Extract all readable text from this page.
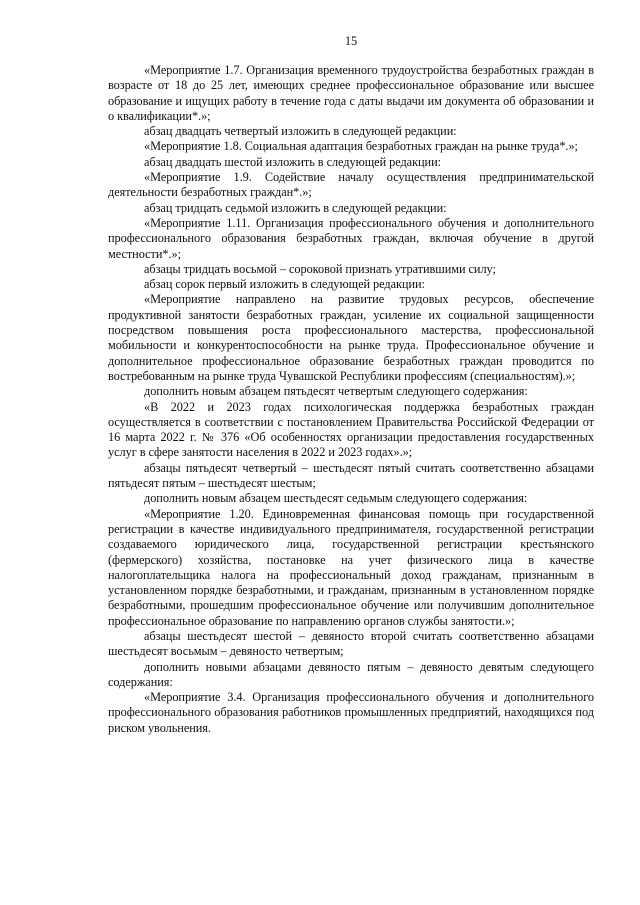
15

«Мероприятие 1.7. Организация временного трудоустройства безработных граждан в возрасте от 18 до 25 лет, имеющих среднее профессиональное образование или высшее образование и ищущих работу в течение года с даты выдачи им документа об образовании и о квалификации*.»;

абзац двадцать четвертый изложить в следующей редакции:

«Мероприятие 1.8. Социальная адаптация безработных граждан на рынке труда*.»;

абзац двадцать шестой изложить в следующей редакции:

«Мероприятие 1.9. Содействие началу осуществления предпринимательской деятельности безработных граждан*.»;

абзац тридцать седьмой изложить в следующей редакции:

«Мероприятие 1.11. Организация профессионального обучения и дополнительного профессионального образования безработных граждан, включая обучение в другой местности*.»;

абзацы тридцать восьмой – сороковой признать утратившими силу;

абзац сорок первый изложить в следующей редакции:

«Мероприятие направлено на развитие трудовых ресурсов, обеспечение продуктивной занятости безработных граждан, усиление их социальной защищенности посредством повышения роста профессионального мастерства, профессиональной мобильности и конкурентоспособности на рынке труда. Профессиональное обучение и дополнительное профессиональное образование безработных граждан проводится по востребованным на рынке труда Чувашской Республики профессиям (специальностям).»;

дополнить новым абзацем пятьдесят четвертым следующего содержания:

«В 2022 и 2023 годах психологическая поддержка безработных граждан осуществляется в соответствии с постановлением Правительства Российской Федерации от 16 марта 2022 г. № 376 «Об особенностях организации предоставления государственных услуг в сфере занятости населения в 2022 и 2023 годах».»;

абзацы пятьдесят четвертый – шестьдесят пятый считать соответственно абзацами пятьдесят пятым – шестьдесят шестым;

дополнить новым абзацем шестьдесят седьмым следующего содержания:

«Мероприятие 1.20. Единовременная финансовая помощь при государственной регистрации в качестве индивидуального предпринимателя, государственной регистрации создаваемого юридического лица, государственной регистрации крестьянского (фермерского) хозяйства, постановке на учет физического лица в качестве налогоплательщика налога на профессиональный доход гражданам, признанным в установленном порядке безработными, и гражданам, признанным в установленном порядке безработными, прошедшим профессиональное обучение или получившим дополнительное профессиональное образование по направлению органов службы занятости.»;

абзацы шестьдесят шестой – девяносто второй считать соответственно абзацами шестьдесят восьмым – девяносто четвертым;

дополнить новыми абзацами девяносто пятым – девяносто девятым следующего содержания:

«Мероприятие 3.4. Организация профессионального обучения и дополнительного профессионального образования работников промышленных предприятий, находящихся под риском увольнения.
